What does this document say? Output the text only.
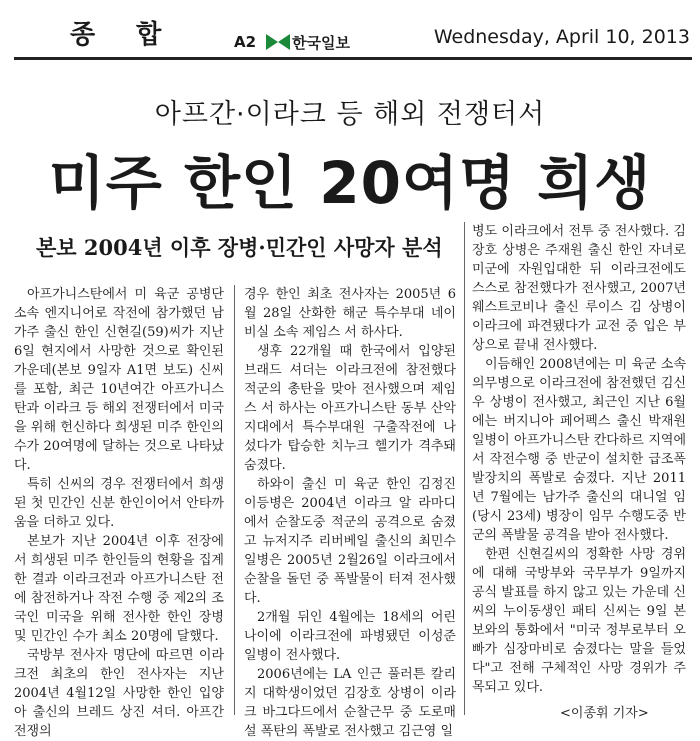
종 합	A2 한국일보	Wednesday, April 10, 2013
아프간·이라크 등 해외 전쟁터서
미주 한인 20여명 희생
본보 2004년 이후 장병·민간인 사망자 분석

아프가니스탄에서 미 육군 공병단 소속 엔지니어로 작전에 참가했던 남가주 출신 한인 신현길(59)씨가 지난 6일 현지에서 사망한 것으로 확인된 가운데(본보 9일자 A1면 보도) 신씨를 포함, 최근 10년여간 아프가니스탄과 이라크 등 해외 전쟁터에서 미국을 위해 헌신하다 희생된 미주 한인의 수가 20여명에 달하는 것으로 나타났다.

특히 신씨의 경우 전쟁터에서 희생된 첫 민간인 신분 한인이어서 안타까움을 더하고 있다.

본보가 지난 2004년 이후 전장에서 희생된 미주 한인들의 현황을 집계한 결과 이라크전과 아프가니스탄 전에 참전하거나 작전 수행 중 제2의 조국인 미국을 위해 전사한 한인 장병 및 민간인 수가 최소 20명에 달했다.

국방부 전사자 명단에 따르면 이라크전 최초의 한인 전사자는 지난 2004년 4월12일 사망한 한인 입양아 출신의 브레드 상진 셔더. 아프간 전쟁의

경우 한인 최초 전사자는 2005년 6월 28일 산화한 해군 특수부대 네이비실 소속 제임스 서 하사다.

생후 22개월 때 한국에서 입양된 브래드 셔더는 이라크전에 참전했다 적군의 총탄을 맞아 전사했으며 제임스 서 하사는 아프가니스탄 동부 산악지대에서 특수부대원 구출작전에 나섰다가 탑승한 치누크 헬기가 격추돼 숨졌다.

하와이 출신 미 육군 한인 김정진 이등병은 2004년 이라크 알 라마디에서 순찰도중 적군의 공격으로 숨졌고 뉴저지주 리버베일 출신의 최민수 일병은 2005년 2월26일 이라크에서 순찰을 돌던 중 폭발물이 터져 전사했다.

2개월 뒤인 4월에는 18세의 어린 나이에 이라크전에 파병됐던 이성준 일병이 전사했다.

2006년에는 LA 인근 풀러튼 칼리지 대학생이었던 김장호 상병이 이라크 바그다드에서 순찰근무 중 도로매설 폭탄의 폭발로 전사했고 김근영 일

병도 이라크에서 전투 중 전사했다. 김장호 상병은 주재원 출신 한인 자녀로 미군에 자원입대한 뒤 이라크전에도 스스로 참전했다가 전사했고, 2007년 웨스트코비나 출신 루이스 김 상병이 이라크에 파견됐다가 교전 중 입은 부상으로 끝내 전사했다.

이듬해인 2008년에는 미 육군 소속 의무병으로 이라크전에 참전했던 김신우 상병이 전사했고, 최근인 지난 6월에는 버지니아 페어펙스 출신 박재원 일병이 아프가니스탄 칸다하르 지역에서 작전수행 중 반군이 설치한 급조폭발장치의 폭발로 숨졌다. 지난 2011년 7월에는 남가주 출신의 대니얼 임(당시 23세) 병장이 임무 수행도중 반군의 폭발물 공격을 받아 전사했다.

한편 신현길씨의 정확한 사망 경위에 대해 국방부와 국무부가 9일까지 공식 발표를 하지 않고 있는 가운데 신씨의 누이동생인 패티 신씨는 9일 본보와의 통화에서 "미국 정부로부터 오빠가 심장마비로 숨졌다는 말을 들었다"고 전해 구체적인 사망 경위가 주목되고 있다.

<이종휘 기자>
